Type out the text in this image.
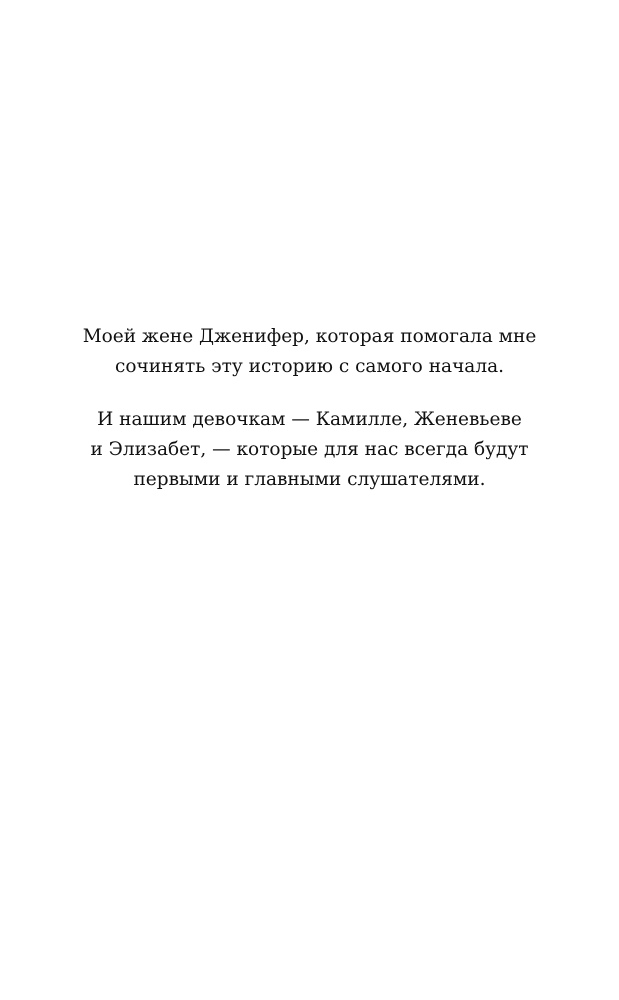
Моей жене Дженифер, которая помогала мне
сочинять эту историю с самого начала.

И нашим девочкам — Камилле, Женевьеве
и Элизабет, — которые для нас всегда будут
первыми и главными слушателями.
